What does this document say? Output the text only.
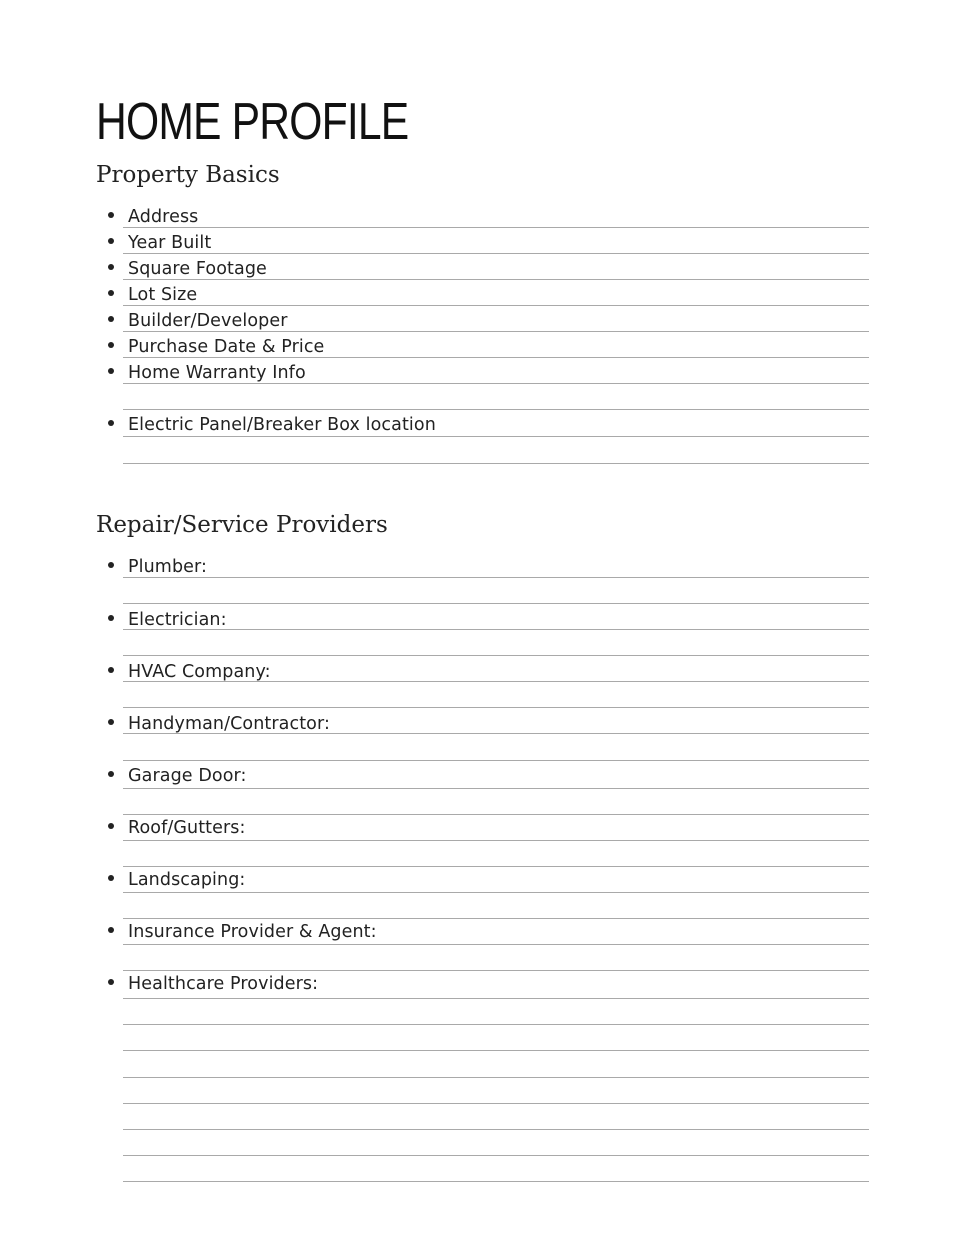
HOME PROFILE
Property Basics
Address
Year Built
Square Footage
Lot Size
Builder/Developer
Purchase Date & Price
Home Warranty Info
Electric Panel/Breaker Box location
Repair/Service Providers
Plumber:
Electrician:
HVAC Company:
Handyman/Contractor:
Garage Door:
Roof/Gutters:
Landscaping:
Insurance Provider & Agent:
Healthcare Providers:
